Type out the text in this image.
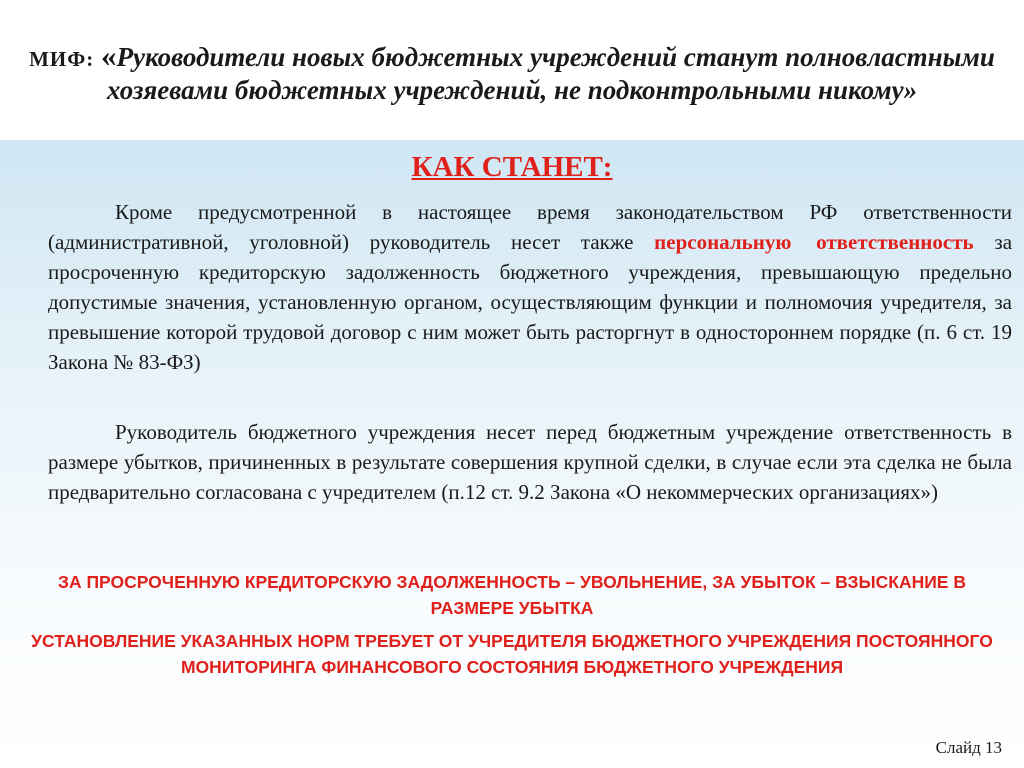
МИФ: «Руководители новых бюджетных учреждений станут полновластными хозяевами бюджетных учреждений, не подконтрольными никому»
КАК СТАНЕТ:

Кроме предусмотренной в настоящее время законодательством РФ ответственности (административной, уголовной) руководитель несет также персональную ответственность за просроченную кредиторскую задолженность бюджетного учреждения, превышающую предельно допустимые значения, установленную органом, осуществляющим функции и полномочия учредителя, за превышение которой трудовой договор с ним может быть расторгнут в одностороннем порядке (п. 6 ст. 19 Закона № 83-ФЗ)

Руководитель бюджетного учреждения несет перед бюджетным учреждение ответственность в размере убытков, причиненных в результате совершения крупной сделки, в случае если эта сделка не была предварительно согласована с учредителем (п.12 ст. 9.2 Закона «О некоммерческих организациях»)

ЗА ПРОСРОЧЕННУЮ КРЕДИТОРСКУЮ ЗАДОЛЖЕННОСТЬ – УВОЛЬНЕНИЕ, ЗА УБЫТОК – ВЗЫСКАНИЕ В РАЗМЕРЕ УБЫТКА

УСТАНОВЛЕНИЕ УКАЗАННЫХ НОРМ ТРЕБУЕТ ОТ УЧРЕДИТЕЛЯ БЮДЖЕТНОГО УЧРЕЖДЕНИЯ ПОСТОЯННОГО МОНИТОРИНГА ФИНАНСОВОГО СОСТОЯНИЯ БЮДЖЕТНОГО УЧРЕЖДЕНИЯ

Слайд 13
